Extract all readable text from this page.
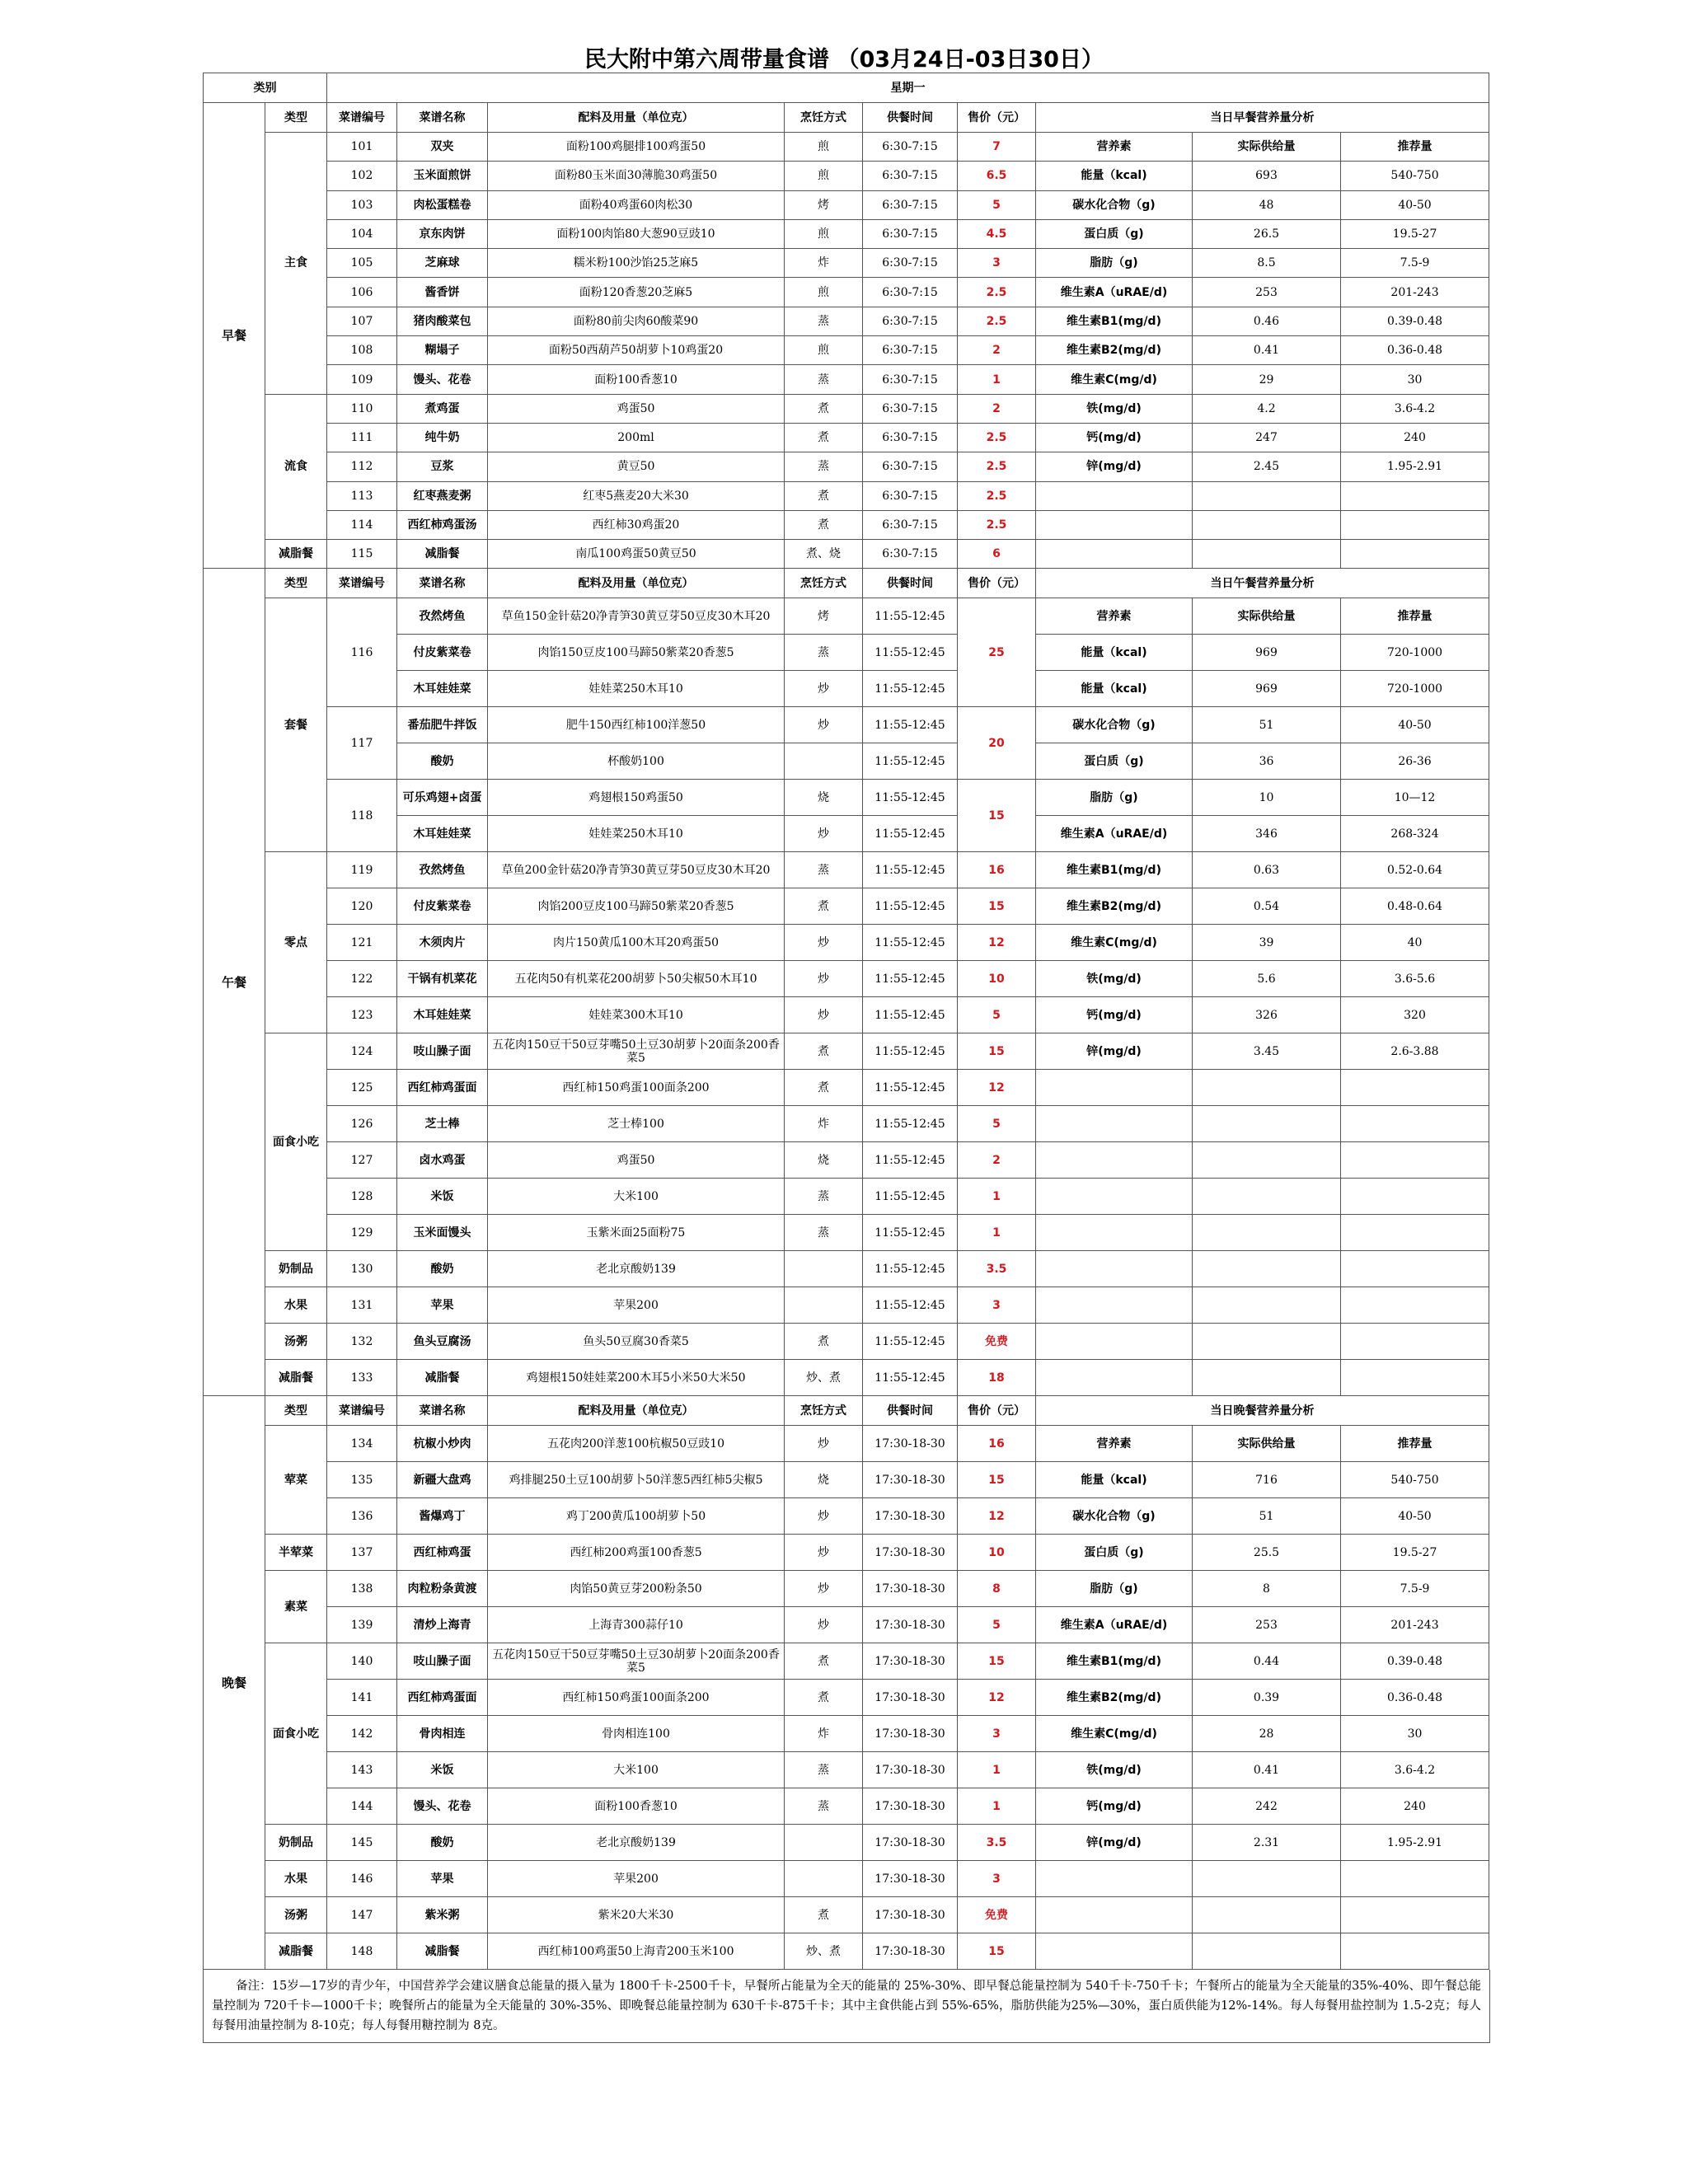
民大附中第六周带量食谱 （03月24日-03日30日）
类别		星期一								
早餐	类型	菜谱编号	菜谱名称	配料及用量（单位克）	烹饪方式	供餐时间	售价（元）	当日早餐营养量分析		
	主食	101	双夹	面粉100鸡腿排100鸡蛋50	煎	6:30-7:15	7	营养素	实际供给量	推荐量
		102	玉米面煎饼	面粉80玉米面30薄脆30鸡蛋50	煎	6:30-7:15	6.5	能量（kcal)	693	540-750
		103	肉松蛋糕卷	面粉40鸡蛋60肉松30	烤	6:30-7:15	5	碳水化合物（g)	48	40-50
		104	京东肉饼	面粉100肉馅80大葱90豆豉10	煎	6:30-7:15	4.5	蛋白质（g)	26.5	19.5-27
		105	芝麻球	糯米粉100沙馅25芝麻5	炸	6:30-7:15	3	脂肪（g)	8.5	7.5-9
		106	酱香饼	面粉120香葱20芝麻5	煎	6:30-7:15	2.5	维生素A（uRAE/d)	253	201-243
		107	猪肉酸菜包	面粉80前尖肉60酸菜90	蒸	6:30-7:15	2.5	维生素B1(mg/d)	0.46	0.39-0.48
		108	糊塌子	面粉50西葫芦50胡萝卜10鸡蛋20	煎	6:30-7:15	2	维生素B2(mg/d)	0.41	0.36-0.48
		109	馒头、花卷	面粉100香葱10	蒸	6:30-7:15	1	维生素C(mg/d)	29	30
	流食	110	煮鸡蛋	鸡蛋50	煮	6:30-7:15	2	铁(mg/d)	4.2	3.6-4.2
		111	纯牛奶	200ml	煮	6:30-7:15	2.5	钙(mg/d)	247	240
		112	豆浆	黄豆50	蒸	6:30-7:15	2.5	锌(mg/d)	2.45	1.95-2.91
		113	红枣燕麦粥	红枣5燕麦20大米30	煮	6:30-7:15	2.5			
		114	西红柿鸡蛋汤	西红柿30鸡蛋20	煮	6:30-7:15	2.5			
	减脂餐	115	减脂餐	南瓜100鸡蛋50黄豆50	煮、烧	6:30-7:15	6			
午餐	类型	菜谱编号	菜谱名称	配料及用量（单位克）	烹饪方式	供餐时间	售价（元）	当日午餐营养量分析		
	套餐	116	孜然烤鱼	草鱼150金针菇20净青笋30黄豆芽50豆皮30木耳20	烤	11:55-12:45	25	营养素	实际供给量	推荐量
			付皮紫菜卷	肉馅150豆皮100马蹄50紫菜20香葱5	蒸	11:55-12:45		能量（kcal)	969	720-1000
			木耳娃娃菜	娃娃菜250木耳10	炒	11:55-12:45		能量（kcal)	969	720-1000
		117	番茄肥牛拌饭	肥牛150西红柿100洋葱50	炒	11:55-12:45	20	碳水化合物（g)	51	40-50
			酸奶	杯酸奶100		11:55-12:45		蛋白质（g)	36	26-36
		118	可乐鸡翅+卤蛋	鸡翅根150鸡蛋50	烧	11:55-12:45	15	脂肪（g)	10	10—12
			木耳娃娃菜	娃娃菜250木耳10	炒	11:55-12:45		维生素A（uRAE/d)	346	268-324
	零点	119	孜然烤鱼	草鱼200金针菇20净青笋30黄豆芽50豆皮30木耳20	蒸	11:55-12:45	16	维生素B1(mg/d)	0.63	0.52-0.64
		120	付皮紫菜卷	肉馅200豆皮100马蹄50紫菜20香葱5	煮	11:55-12:45	15	维生素B2(mg/d)	0.54	0.48-0.64
		121	木须肉片	肉片150黄瓜100木耳20鸡蛋50	炒	11:55-12:45	12	维生素C(mg/d)	39	40
		122	干锅有机菜花	五花肉50有机菜花200胡萝卜50尖椒50木耳10	炒	11:55-12:45	10	铁(mg/d)	5.6	3.6-5.6
		123	木耳娃娃菜	娃娃菜300木耳10	炒	11:55-12:45	5	钙(mg/d)	326	320
	面食小吃	124	吱山臊子面	五花肉150豆干50豆芽嘴50土豆30胡萝卜20面条200香菜5	煮	11:55-12:45	15	锌(mg/d)	3.45	2.6-3.88
		125	西红柿鸡蛋面	西红柿150鸡蛋100面条200	煮	11:55-12:45	12			
		126	芝士棒	芝士棒100	炸	11:55-12:45	5			
		127	卤水鸡蛋	鸡蛋50	烧	11:55-12:45	2			
		128	米饭	大米100	蒸	11:55-12:45	1			
		129	玉米面馒头	玉紫米面25面粉75	蒸	11:55-12:45	1			
	奶制品	130	酸奶	老北京酸奶139		11:55-12:45	3.5			
	水果	131	苹果	苹果200		11:55-12:45	3			
	汤粥	132	鱼头豆腐汤	鱼头50豆腐30香菜5	煮	11:55-12:45	免费			
	减脂餐	133	减脂餐	鸡翅根150娃娃菜200木耳5小米50大米50	炒、煮	11:55-12:45	18			
晚餐	类型	菜谱编号	菜谱名称	配料及用量（单位克）	烹饪方式	供餐时间	售价（元）	当日晚餐营养量分析		
	荤菜	134	杭椒小炒肉	五花肉200洋葱100杭椒50豆豉10	炒	17:30-18-30	16	营养素	实际供给量	推荐量
		135	新疆大盘鸡	鸡排腿250土豆100胡萝卜50洋葱5西红柿5尖椒5	烧	17:30-18-30	15	能量（kcal)	716	540-750
		136	酱爆鸡丁	鸡丁200黄瓜100胡萝卜50	炒	17:30-18-30	12	碳水化合物（g)	51	40-50
	半荤菜	137	西红柿鸡蛋	西红柿200鸡蛋100香葱5	炒	17:30-18-30	10	蛋白质（g)	25.5	19.5-27
	素菜	138	肉粒粉条黄渡	肉馅50黄豆芽200粉条50	炒	17:30-18-30	8	脂肪（g)	8	7.5-9
		139	清炒上海青	上海青300蒜仔10	炒	17:30-18-30	5	维生素A（uRAE/d)	253	201-243
	面食小吃	140	吱山臊子面	五花肉150豆干50豆芽嘴50土豆30胡萝卜20面条200香菜5	煮	17:30-18-30	15	维生素B1(mg/d)	0.44	0.39-0.48
		141	西红柿鸡蛋面	西红柿150鸡蛋100面条200	煮	17:30-18-30	12	维生素B2(mg/d)	0.39	0.36-0.48
		142	骨肉相连	骨肉相连100	炸	17:30-18-30	3	维生素C(mg/d)	28	30
		143	米饭	大米100	蒸	17:30-18-30	1	铁(mg/d)	0.41	3.6-4.2
		144	馒头、花卷	面粉100香葱10	蒸	17:30-18-30	1	钙(mg/d)	242	240
	奶制品	145	酸奶	老北京酸奶139		17:30-18-30	3.5	锌(mg/d)	2.31	1.95-2.91
	水果	146	苹果	苹果200		17:30-18-30	3			
	汤粥	147	紫米粥	紫米20大米30	煮	17:30-18-30	免费			
	减脂餐	148	减脂餐	西红柿100鸡蛋50上海青200玉米100	炒、煮	17:30-18-30	15			
备注：15岁—17岁的青少年，中国营养学会建议膳食总能量的摄入量为 1800千卡-2500千卡，早餐所占能量为全天的能量的 25%-30%、即早餐总能量控制为 540千卡-750千卡；午餐所占的能量为全天能量的35%-40%、即午餐总能量控制为 720千卡—1000千卡；晚餐所占的能量为全天能量的 30%-35%、即晚餐总能量控制为 630千卡-875千卡；其中主食供能占到 55%-65%，脂肪供能为25%—30%，蛋白质供能为12%-14%。每人每餐用盐控制为 1.5-2克；每人每餐用油量控制为 8-10克；每人每餐用糖控制为 8克。
